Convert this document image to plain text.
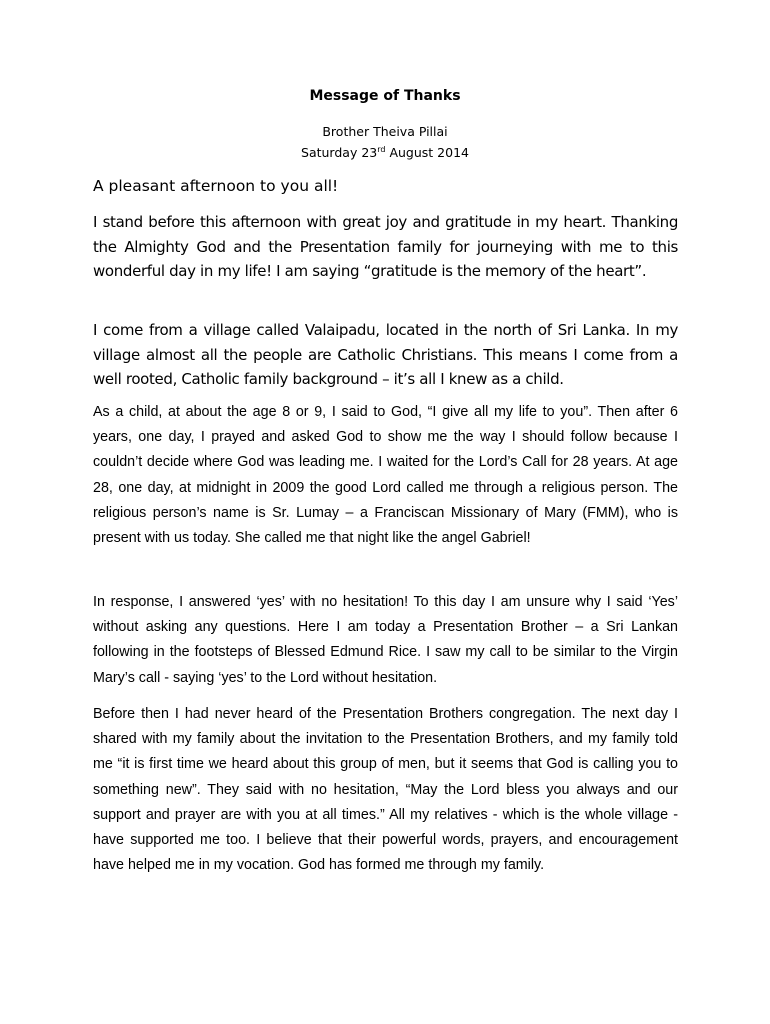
Message of Thanks

Brother Theiva Pillai

Saturday 23rd August 2014

A pleasant afternoon to you all!

I stand before this afternoon with great joy and gratitude in my heart. Thanking the Almighty God and the Presentation family for journeying with me to this wonderful day in my life! I am saying “gratitude is the memory of the heart”.

I come from a village called Valaipadu, located in the north of Sri Lanka. In my village almost all the people are Catholic Christians. This means I come from a well rooted, Catholic family background – it’s all I knew as a child.

As a child, at about the age 8 or 9, I said to God, “I give all my life to you”. Then after 6 years, one day, I prayed and asked God to show me the way I should follow because I couldn’t decide where God was leading me. I waited for the Lord’s Call for 28 years. At age 28, one day, at midnight in 2009 the good Lord called me through a religious person. The religious person’s name is Sr. Lumay – a Franciscan Missionary of Mary (FMM), who is present with us today. She called me that night like the angel Gabriel!

In response, I answered ‘yes’ with no hesitation! To this day I am unsure why I said ‘Yes’ without asking any questions. Here I am today a Presentation Brother – a Sri Lankan following in the footsteps of Blessed Edmund Rice. I saw my call to be similar to the Virgin Mary’s call - saying ‘yes’ to the Lord without hesitation.

Before then I had never heard of the Presentation Brothers congregation. The next day I shared with my family about the invitation to the Presentation Brothers, and my family told me “it is first time we heard about this group of men, but it seems that God is calling you to something new”. They said with no hesitation, “May the Lord bless you always and our support and prayer are with you at all times.” All my relatives - which is the whole village - have supported me too. I believe that their powerful words, prayers, and encouragement have helped me in my vocation. God has formed me through my family.
